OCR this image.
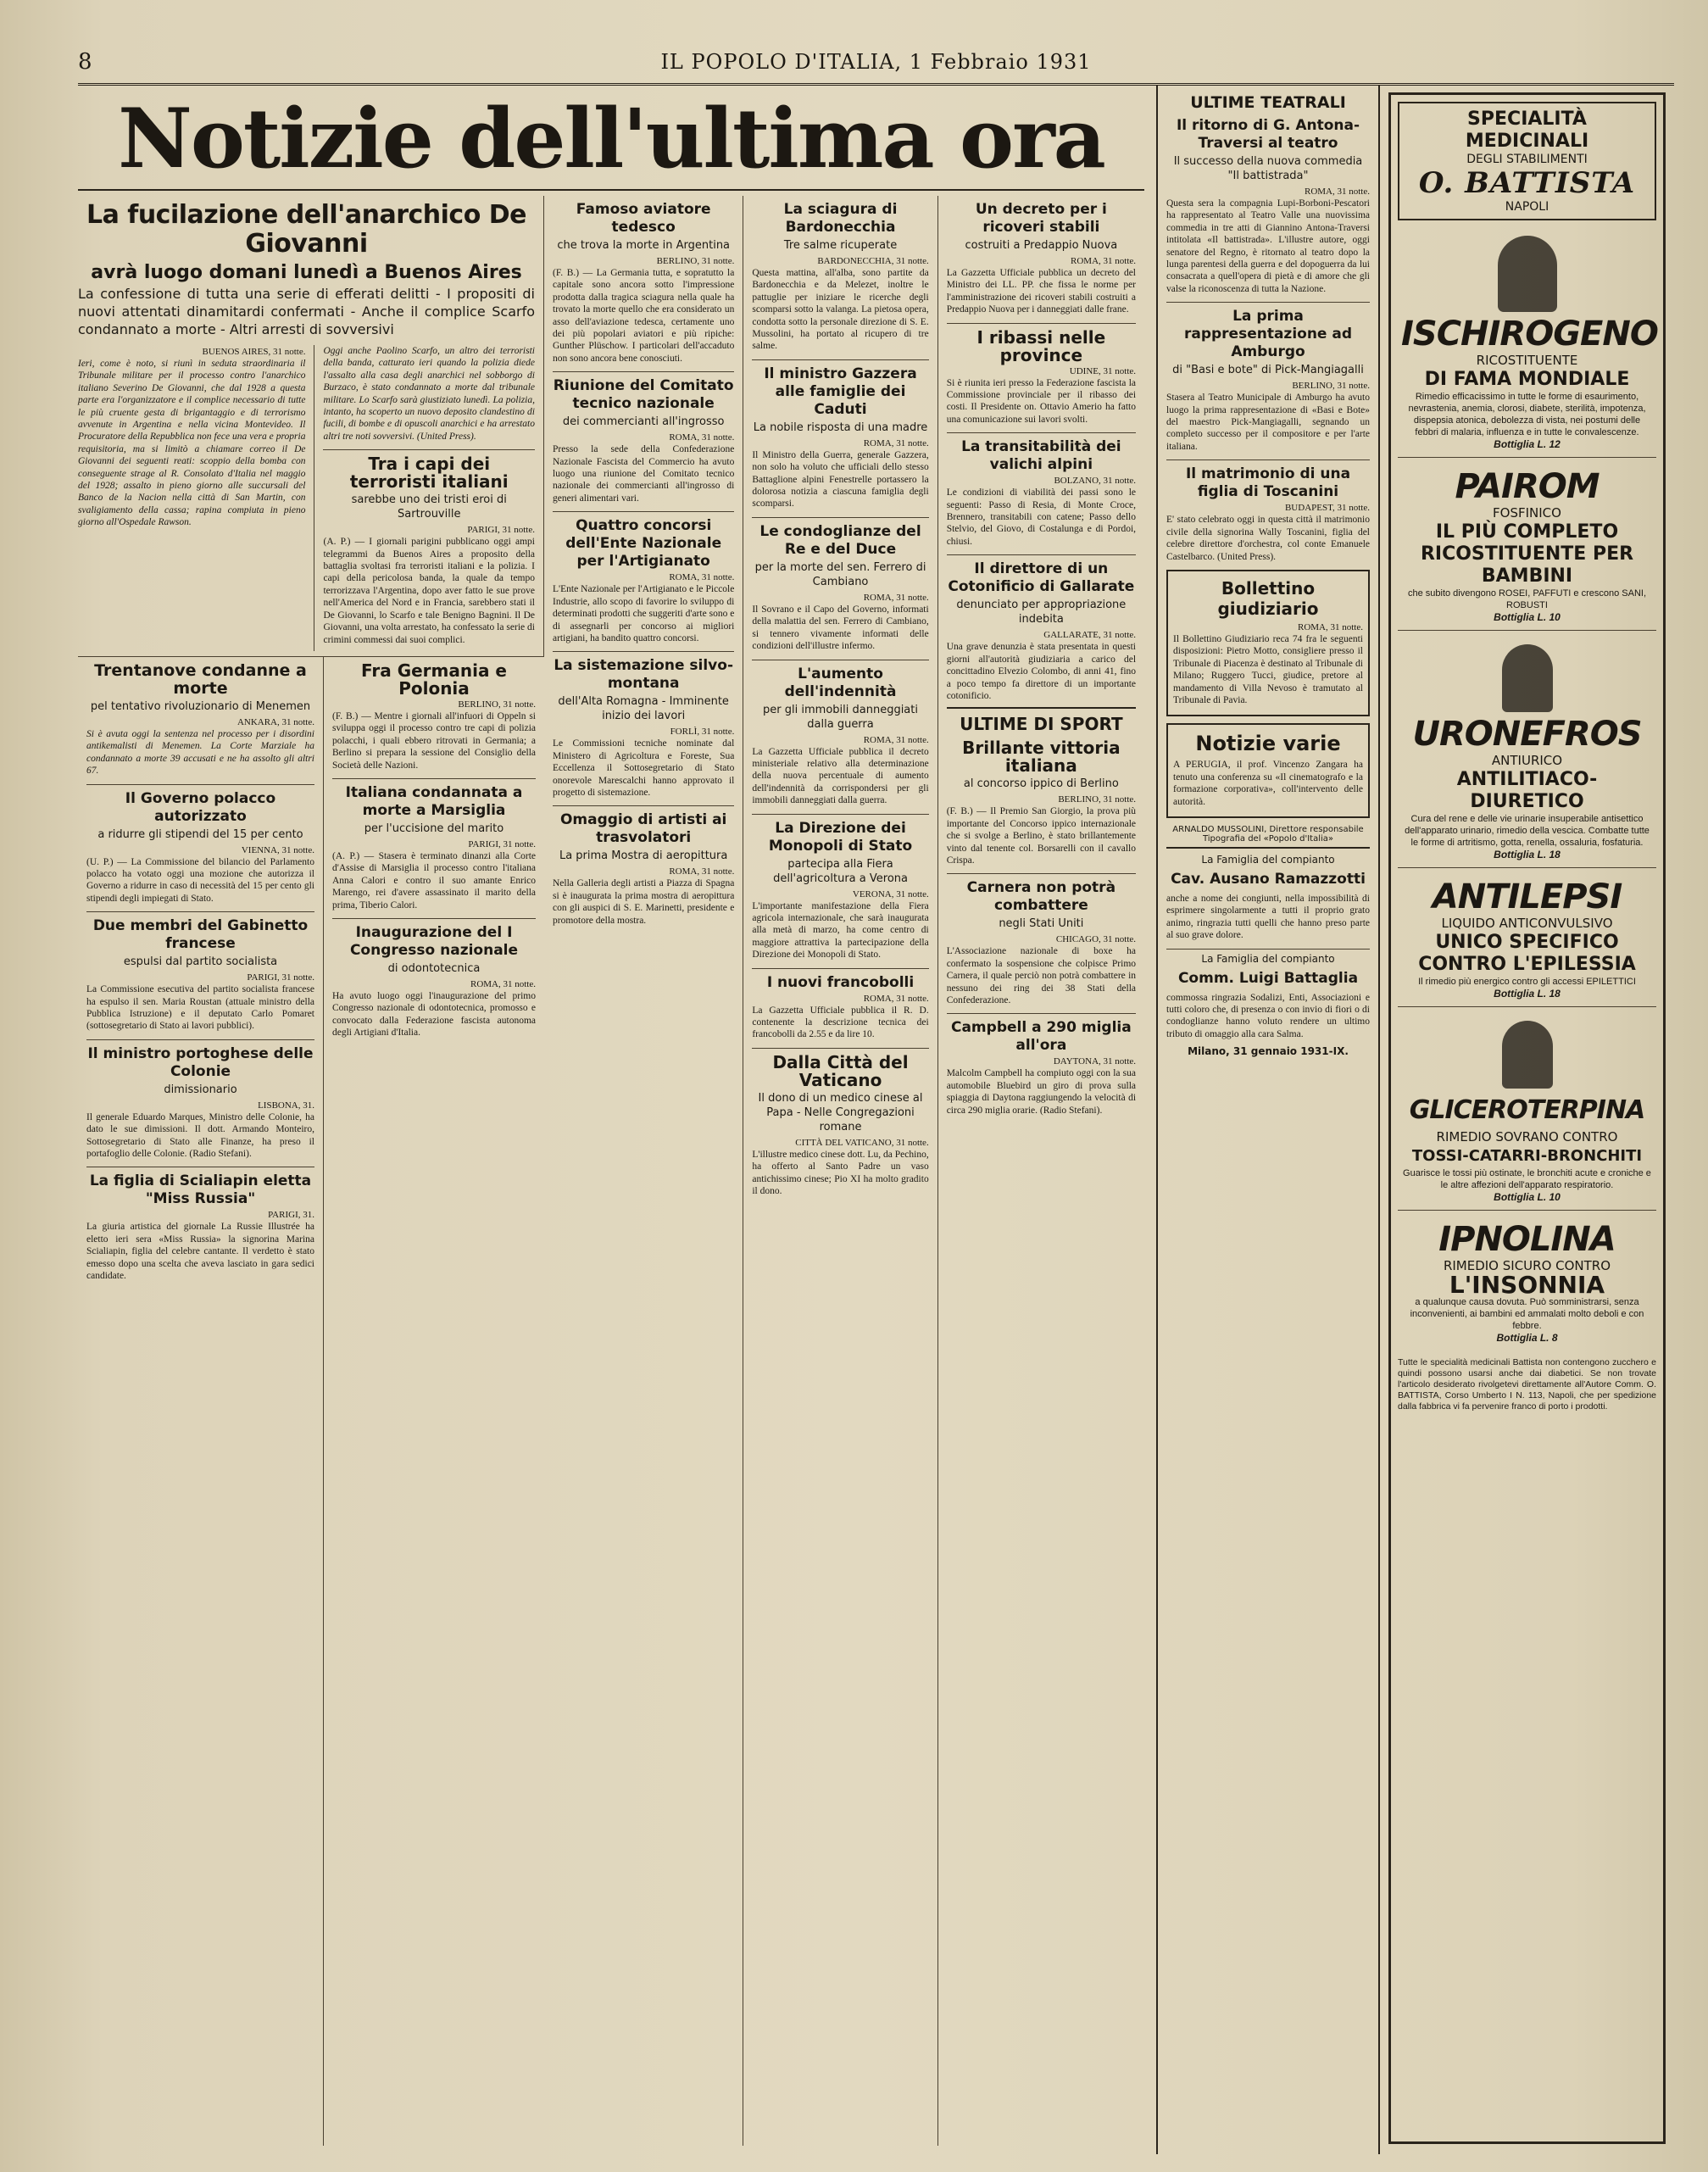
8	IL POPOLO D'ITALIA, 1 Febbraio 1931
Notizie dell'ultima ora
La fucilazione dell'anarchico De Giovanni
avrà luogo domani lunedì a Buenos Aires
La confessione di tutta una serie di efferati delitti - I propositi di nuovi attentati dinamitardi confermati - Anche il complice Scarfo condannato a morte - Altri arresti di sovversivi
BUENOS AIRES, 31 notte.

Ieri, come è noto, si riunì in seduta straordinaria il Tribunale militare per il processo contro l'anarchico italiano Severino De Giovanni, che dal 1928 a questa parte era l'organizzatore e il complice necessario di tutte le più cruente gesta di brigantaggio e di terrorismo avvenute in Argentina e nella vicina Montevideo. Il Procuratore della Repubblica non fece una vera e propria requisitoria, ma si limitò a chiamare correo il De Giovanni dei seguenti reati: scoppio della bomba con conseguente strage al R. Consolato d'Italia nel maggio del 1928; assalto in pieno giorno alle succursali del Banco de la Nacion nella città di San Martin, con svaligiamento della cassa; rapina compiuta in pieno giorno all'Ospedale Rawson.

Oggi anche Paolino Scarfo, un altro dei terroristi della banda, catturato ieri quando la polizia diede l'assalto alla casa degli anarchici nel sobborgo di Burzaco, è stato condannato a morte dal tribunale militare. Lo Scarfo sarà giustiziato lunedì. La polizia, intanto, ha scoperto un nuovo deposito clandestino di fucili, di bombe e di opuscoli anarchici e ha arrestato altri tre noti sovversivi. (United Press).

Tra i capi dei terroristi italiani
sarebbe uno dei tristi eroi di Sartrouville
PARIGI, 31 notte.

(A. P.) — I giornali parigini pubblicano oggi ampi telegrammi da Buenos Aires a proposito della battaglia svoltasi fra terroristi italiani e la polizia. I capi della pericolosa banda, la quale da tempo terrorizzava l'Argentina, dopo aver fatto le sue prove nell'America del Nord e in Francia, sarebbero stati il De Giovanni, lo Scarfo e tale Benigno Bagnini. Il De Giovanni, una volta arrestato, ha confessato la serie di crimini commessi dai suoi complici.

Trentanove condanne a morte
pel tentativo rivoluzionario di Menemen
ANKARA, 31 notte.

Si è avuta oggi la sentenza nel processo per i disordini antikemalisti di Menemen. La Corte Marziale ha condannato a morte 39 accusati e ne ha assolto gli altri 67.

Il Governo polacco autorizzato
a ridurre gli stipendi del 15 per cento
VIENNA, 31 notte.

(U. P.) — La Commissione del bilancio del Parlamento polacco ha votato oggi una mozione che autorizza il Governo a ridurre in caso di necessità del 15 per cento gli stipendi degli impiegati di Stato.

Due membri del Gabinetto francese
espulsi dal partito socialista
PARIGI, 31 notte.

La Commissione esecutiva del partito socialista francese ha espulso il sen. Maria Roustan (attuale ministro della Pubblica Istruzione) e il deputato Carlo Pomaret (sottosegretario di Stato ai lavori pubblici).

Il ministro portoghese delle Colonie
dimissionario
LISBONA, 31.

Il generale Eduardo Marques, Ministro delle Colonie, ha dato le sue dimissioni. Il dott. Armando Monteiro, Sottosegretario di Stato alle Finanze, ha preso il portafoglio delle Colonie. (Radio Stefani).

La figlia di Scialiapin eletta "Miss Russia"
PARIGI, 31.

La giuria artistica del giornale La Russie Illustrée ha eletto ieri sera «Miss Russia» la signorina Marina Scialiapin, figlia del celebre cantante. Il verdetto è stato emesso dopo una scelta che aveva lasciato in gara sedici candidate.

Fra Germania e Polonia
BERLINO, 31 notte.

(F. B.) — Mentre i giornali all'infuori di Oppeln si sviluppa oggi il processo contro tre capi di polizia polacchi, i quali ebbero ritrovati in Germania; a Berlino si prepara la sessione del Consiglio della Società delle Nazioni.

Italiana condannata a morte a Marsiglia
per l'uccisione del marito
PARIGI, 31 notte.

(A. P.) — Stasera è terminato dinanzi alla Corte d'Assise di Marsiglia il processo contro l'italiana Anna Calori e contro il suo amante Enrico Marengo, rei d'avere assassinato il marito della prima, Tiberio Calori.

Inaugurazione del I Congresso nazionale
di odontotecnica
ROMA, 31 notte.

Ha avuto luogo oggi l'inaugurazione del primo Congresso nazionale di odontotecnica, promosso e convocato dalla Federazione fascista autonoma degli Artigiani d'Italia.

Famoso aviatore tedesco
che trova la morte in Argentina
BERLINO, 31 notte.

(F. B.) — La Germania tutta, e sopratutto la capitale sono ancora sotto l'impressione prodotta dalla tragica sciagura nella quale ha trovato la morte quello che era considerato un asso dell'aviazione tedesca, certamente uno dei più popolari aviatori e più ripiche: Gunther Plüschow. I particolari dell'accaduto non sono ancora bene conosciuti.

Riunione del Comitato tecnico nazionale
dei commercianti all'ingrosso
ROMA, 31 notte.

Presso la sede della Confederazione Nazionale Fascista del Commercio ha avuto luogo una riunione del Comitato tecnico nazionale dei commercianti all'ingrosso di generi alimentari vari.

Quattro concorsi dell'Ente Nazionale per l'Artigianato
ROMA, 31 notte.

L'Ente Nazionale per l'Artigianato e le Piccole Industrie, allo scopo di favorire lo sviluppo di determinati prodotti che suggeriti d'arte sono e di assegnarli per concorso ai migliori artigiani, ha bandito quattro concorsi.

La sistemazione silvo-montana
dell'Alta Romagna - Imminente inizio dei lavori
FORLÌ, 31 notte.

Le Commissioni tecniche nominate dal Ministero di Agricoltura e Foreste, Sua Eccellenza il Sottosegretario di Stato onorevole Marescalchi hanno approvato il progetto di sistemazione.

Omaggio di artisti ai trasvolatori
La prima Mostra di aeropittura
ROMA, 31 notte.

Nella Galleria degli artisti a Piazza di Spagna si è inaugurata la prima mostra di aeropittura con gli auspici di S. E. Marinetti, presidente e promotore della mostra.

La sciagura di Bardonecchia
Tre salme ricuperate
BARDONECCHIA, 31 notte.

Questa mattina, all'alba, sono partite da Bardonecchia e da Melezet, inoltre le pattuglie per iniziare le ricerche degli scomparsi sotto la valanga. La pietosa opera, condotta sotto la personale direzione di S. E. Mussolini, ha portato al ricupero di tre salme.

Il ministro Gazzera alle famiglie dei Caduti
La nobile risposta di una madre
ROMA, 31 notte.

Il Ministro della Guerra, generale Gazzera, non solo ha voluto che ufficiali dello stesso Battaglione alpini Fenestrelle portassero la dolorosa notizia a ciascuna famiglia degli scomparsi.

Le condoglianze del Re e del Duce
per la morte del sen. Ferrero di Cambiano
ROMA, 31 notte.

Il Sovrano e il Capo del Governo, informati della malattia del sen. Ferrero di Cambiano, si tennero vivamente informati delle condizioni dell'illustre infermo.

L'aumento dell'indennità
per gli immobili danneggiati dalla guerra
ROMA, 31 notte.

La Gazzetta Ufficiale pubblica il decreto ministeriale relativo alla determinazione della nuova percentuale di aumento dell'indennità da corrispondersi per gli immobili danneggiati dalla guerra.

La Direzione dei Monopoli di Stato
partecipa alla Fiera dell'agricoltura a Verona
VERONA, 31 notte.

L'importante manifestazione della Fiera agricola internazionale, che sarà inaugurata alla metà di marzo, ha come centro di maggiore attrattiva la partecipazione della Direzione dei Monopoli di Stato.

I nuovi francobolli
ROMA, 31 notte.

La Gazzetta Ufficiale pubblica il R. D. contenente la descrizione tecnica dei francobolli da 2.55 e da lire 10.

Dalla Città del Vaticano
Il dono di un medico cinese al Papa - Nelle Congregazioni romane
CITTÀ DEL VATICANO, 31 notte.

L'illustre medico cinese dott. Lu, da Pechino, ha offerto al Santo Padre un vaso antichissimo cinese; Pio XI ha molto gradito il dono.

Un decreto per i ricoveri stabili
costruiti a Predappio Nuova
ROMA, 31 notte.

La Gazzetta Ufficiale pubblica un decreto del Ministro dei LL. PP. che fissa le norme per l'amministrazione dei ricoveri stabili costruiti a Predappio Nuova per i danneggiati dalle frane.

I ribassi nelle province
UDINE, 31 notte.

Si è riunita ieri presso la Federazione fascista la Commissione provinciale per il ribasso dei costi. Il Presidente on. Ottavio Amerio ha fatto una comunicazione sui lavori svolti.

La transitabilità dei valichi alpini
BOLZANO, 31 notte.

Le condizioni di viabilità dei passi sono le seguenti: Passo di Resia, di Monte Croce, Brennero, transitabili con catene; Passo dello Stelvio, del Giovo, di Costalunga e di Pordoi, chiusi.

Il direttore di un Cotonificio di Gallarate
denunciato per appropriazione indebita
GALLARATE, 31 notte.

Una grave denunzia è stata presentata in questi giorni all'autorità giudiziaria a carico del concittadino Elvezio Colombo, di anni 41, fino a poco tempo fa direttore di un importante cotonificio.

ULTIME DI SPORT
Brillante vittoria italiana
al concorso ippico di Berlino
BERLINO, 31 notte.

(F. B.) — Il Premio San Giorgio, la prova più importante del Concorso ippico internazionale che si svolge a Berlino, è stato brillantemente vinto dal tenente col. Borsarelli con il cavallo Crispa.

Carnera non potrà combattere
negli Stati Uniti
CHICAGO, 31 notte.

L'Associazione nazionale di boxe ha confermato la sospensione che colpisce Primo Carnera, il quale perciò non potrà combattere in nessuno dei ring dei 38 Stati della Confederazione.

Campbell a 290 miglia all'ora
DAYTONA, 31 notte.

Malcolm Campbell ha compiuto oggi con la sua automobile Bluebird un giro di prova sulla spiaggia di Daytona raggiungendo la velocità di circa 290 miglia orarie. (Radio Stefani).

ULTIME TEATRALI
Il ritorno di G. Antona-Traversi al teatro
Il successo della nuova commedia "Il battistrada"
ROMA, 31 notte.

Questa sera la compagnia Lupi-Borboni-Pescatori ha rappresentato al Teatro Valle una nuovissima commedia in tre atti di Giannino Antona-Traversi intitolata «Il battistrada». L'illustre autore, oggi senatore del Regno, è ritornato al teatro dopo la lunga parentesi della guerra e del dopoguerra da lui consacrata a quell'opera di pietà e di amore che gli valse la riconoscenza di tutta la Nazione.

La prima rappresentazione ad Amburgo
di "Basi e bote" di Pick-Mangiagalli
BERLINO, 31 notte.

Stasera al Teatro Municipale di Amburgo ha avuto luogo la prima rappresentazione di «Basi e Bote» del maestro Pick-Mangiagalli, segnando un completo successo per il compositore e per l'arte italiana.

Il matrimonio di una figlia di Toscanini
BUDAPEST, 31 notte.

E' stato celebrato oggi in questa città il matrimonio civile della signorina Wally Toscanini, figlia del celebre direttore d'orchestra, col conte Emanuele Castelbarco. (United Press).

Bollettino giudiziario
ROMA, 31 notte.

Il Bollettino Giudiziario reca 74 fra le seguenti disposizioni: Pietro Motto, consigliere presso il Tribunale di Piacenza è destinato al Tribunale di Milano; Ruggero Tucci, giudice, pretore al mandamento di Villa Nevoso è tramutato al Tribunale di Pavia.

Notizie varie

A PERUGIA, il prof. Vincenzo Zangara ha tenuto una conferenza su «Il cinematografo e la formazione corporativa», coll'intervento delle autorità.

ARNALDO MUSSOLINI, Direttore responsabile
Tipografia del «Popolo d'Italia»
La Famiglia del compianto
Cav. Ausano Ramazzotti

anche a nome dei congiunti, nella impossibilità di esprimere singolarmente a tutti il proprio grato animo, ringrazia tutti quelli che hanno preso parte al suo grave dolore.

La Famiglia del compianto
Comm. Luigi Battaglia

commossa ringrazia Sodalizi, Enti, Associazioni e tutti coloro che, di presenza o con invio di fiori o di condoglianze hanno voluto rendere un ultimo tributo di omaggio alla cara Salma.

Milano, 31 gennaio 1931-IX.
SPECIALITÀ MEDICINALI
DEGLI STABILIMENTI
O. BATTISTA
NAPOLI
ISCHIROGENO
RICOSTITUENTE
DI FAMA MONDIALE
Rimedio efficacissimo in tutte le forme di esaurimento, nevrastenia, anemia, clorosi, diabete, sterilità, impotenza, dispepsia atonica, debolezza di vista, nei postumi delle febbri di malaria, influenza e in tutte le convalescenze.
Bottiglia L. 12
PAIROM
FOSFINICO
IL PIÙ COMPLETO RICOSTITUENTE PER BAMBINI
che subito divengono ROSEI, PAFFUTI e crescono SANI, ROBUSTI
Bottiglia L. 10
URONEFROS
ANTIURICO
ANTILITIACO-DIURETICO
Cura del rene e delle vie urinarie insuperabile antisettico dell'apparato urinario, rimedio della vescica. Combatte tutte le forme di artritismo, gotta, renella, ossaluria, fosfaturia.
Bottiglia L. 18
ANTILEPSI
LIQUIDO ANTICONVULSIVO
UNICO SPECIFICO CONTRO L'EPILESSIA
Il rimedio più energico contro gli accessi EPILETTICI
Bottiglia L. 18
GLICEROTERPINA
RIMEDIO SOVRANO CONTRO
TOSSI-CATARRI-BRONCHITI
Guarisce le tossi più ostinate, le bronchiti acute e croniche e le altre affezioni dell'apparato respiratorio.
Bottiglia L. 10
IPNOLINA
RIMEDIO SICURO CONTRO
L'INSONNIA
a qualunque causa dovuta. Può somministrarsi, senza inconvenienti, ai bambini ed ammalati molto deboli e con febbre.
Bottiglia L. 8
Tutte le specialità medicinali Battista non contengono zucchero e quindi possono usarsi anche dai diabetici. Se non trovate l'articolo desiderato rivolgetevi direttamente all'Autore Comm. O. BATTISTA, Corso Umberto I N. 113, Napoli, che per spedizione dalla fabbrica vi fa pervenire franco di porto i prodotti.
